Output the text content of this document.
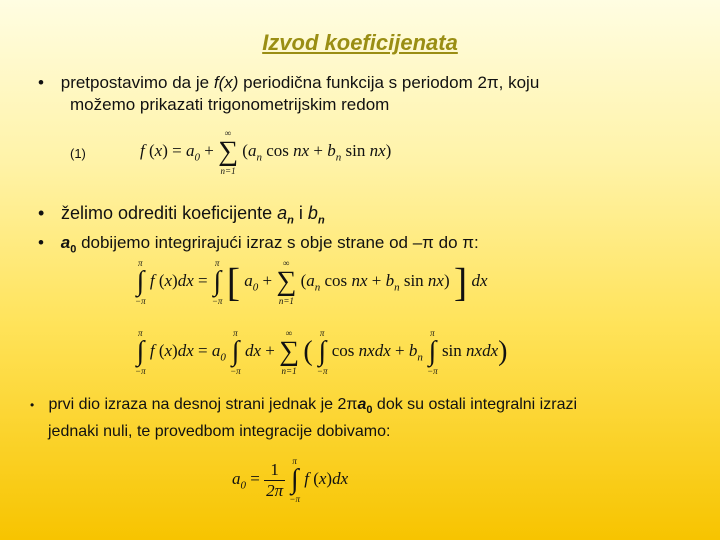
Izvod koeficijenata
• pretpostavimo da je f(x) periodična funkcija s periodom 2π, koju
možemo prikazati trigonometrijskim redom
(1)	f $(x) = a_0$ +
∞
∑
n=1
($a_n$ cos nx + $b_n$ sin nx)
• želimo odrediti koeficijente $a_n$ i $b_n$
• $a_0$ dobijemo integrirajući izraz s obje strane od –π do π:
π
∫
−π
f (x)dx =
π
∫
−π [ $a_0$ +
∞
∑
n=1
($a_n$ cos nx + $b_n$ sin nx) ] dx
π
∫
−π
f $(x)dx = a_0$
π
∫
−π
dx +
∞
∑
n=1
(
π
∫
−π
cos nxdx + $b_n$
π
∫
−π
sin nxdx)
• prvi dio izraza na desnoj strani jednak je $2\pi a_0$ dok su ostali integralni izrazi
jednaki nuli, te provedbom integracije dobivamo:
$a_0 = \frac{1}{2\pi}$
π
∫
−π
f (x)dx
